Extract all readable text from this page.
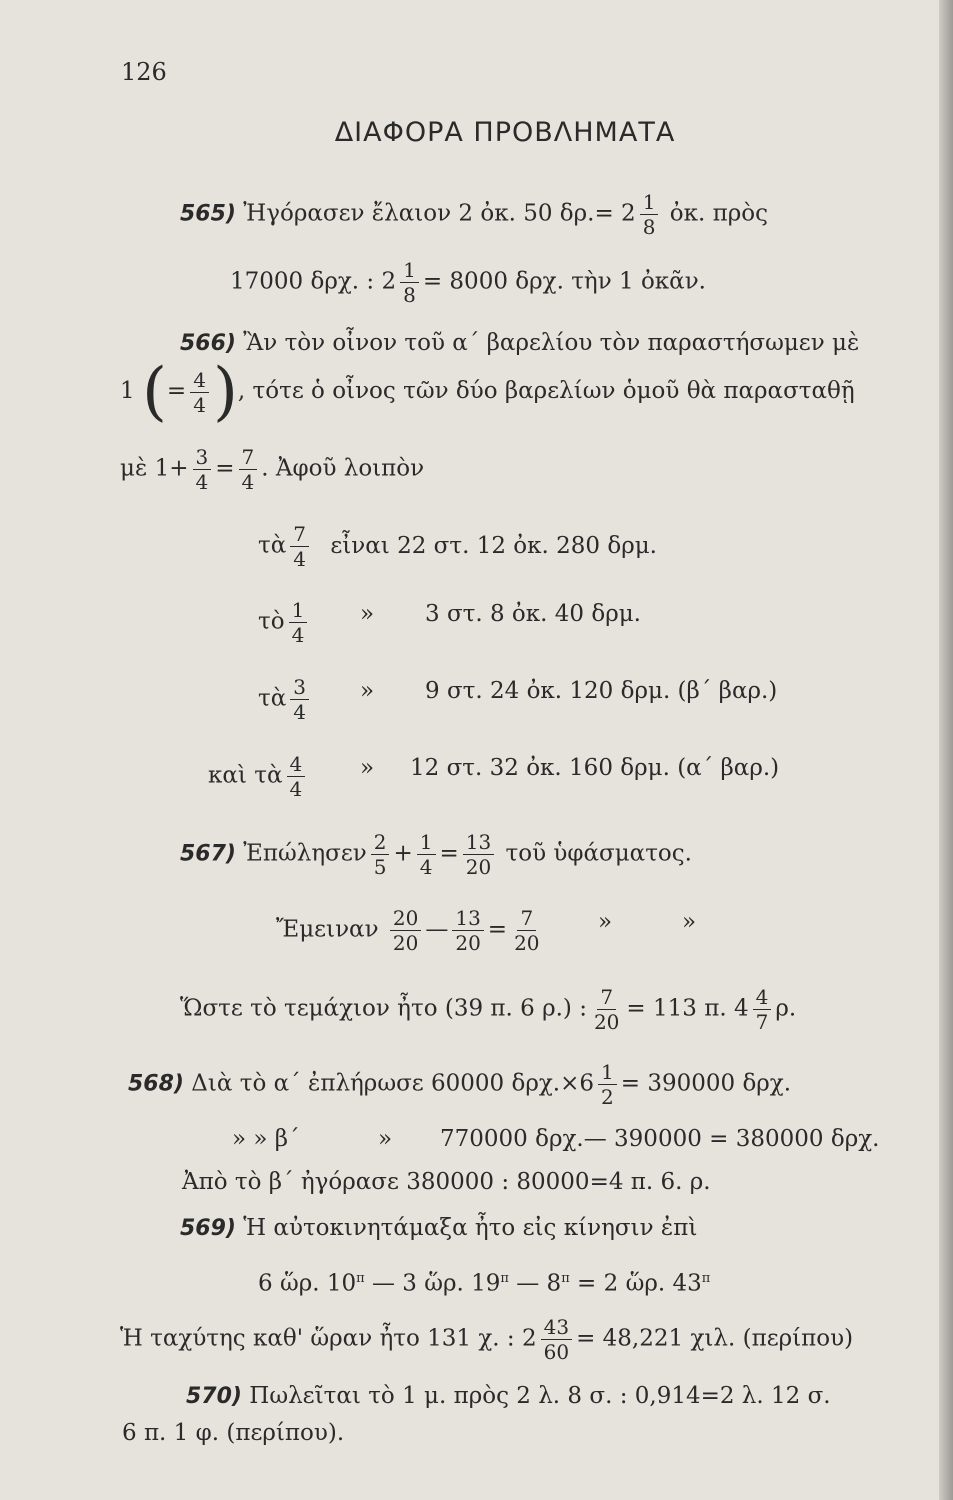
126
ΔΙΑΦΟΡΑ ΠΡΟΒΛΗΜΑΤΑ
565) Ἠγόρασεν ἔλαιον 2 ὀκ. 50 $\delta\rho.= 2 \frac{1}{8}$ ὀκ. πρὸς
17000 δρχ. : $2 \frac{1}{8} = 8000$ δρχ. τὴν 1 ὀκᾶν.
566) Ἂν τὸν οἶνον τοῦ α΄ βαρελίου τὸν παραστήσωμεν μὲ
1 (= $\frac{4}{4}$ ), τότε ὁ οἶνος τῶν δύο βαρελίων ὁμοῦ θὰ παρασταθῇ
μὲ $1+ \frac{3}{4} = \frac{7}{4}$ . Ἀφοῦ λοιπὸν
τὰ $\frac{7}{4}$ εἶναι 22 στ. 12 ὀκ. 280 δρμ.
τὸ $\frac{1}{4}$ » 3 στ. 8 ὀκ. 40 δρμ.
τὰ $\frac{3}{4}$ » 9 στ. 24 ὀκ. 120 δρμ. (β΄ βαρ.)
καὶ τὰ $\frac{4}{4}$ » 12 στ. 32 ὀκ. 160 δρμ. (α΄ βαρ.)
567) Ἐπώλησεν $\frac{2}{5} + \frac{1}{4} = \frac{13}{20}$ τοῦ ὑφάσματος.
Ἔμειναν $\frac{20}{20}$ — $\frac{13}{20} = \frac{7}{20}$ »	»
Ὥστε τὸ τεμάχιον ἦτο (39 π. 6 ρ.) : $\frac{7}{20} = 113$ π. $4 \frac{4}{7} \rho$.
568) Διὰ τὸ α΄ ἐπλήρωσε 60000 $\delta\rho\chi.\times 6 \frac{1}{2} = 390000$ δρχ.
» » β΄	» 770000 δρχ.— 390000 = 380000 δρχ.
Ἀπὸ τὸ β΄ ἠγόρασε 380000 : 80000=4 π. 6. ρ.
569) Ἡ αὐτοκινητάμαξα ἦτο εἰς κίνησιν ἐπὶ
6 ὥρ. $10^\pi$ — 3 ὥρ. $19^\pi$ — $8^\pi = 2$ ὥρ. $43^\pi$
Ἡ ταχύτης καθ' ὥραν ἦτο 131 χ. : $2 \frac{43}{60} = 48,221$ χιλ. (περίπου)
570) Πωλεῖται τὸ 1 μ. πρὸς 2 λ. 8 σ. : 0,914=2 λ. 12 σ.
6 π. 1 φ. (περίπου).
